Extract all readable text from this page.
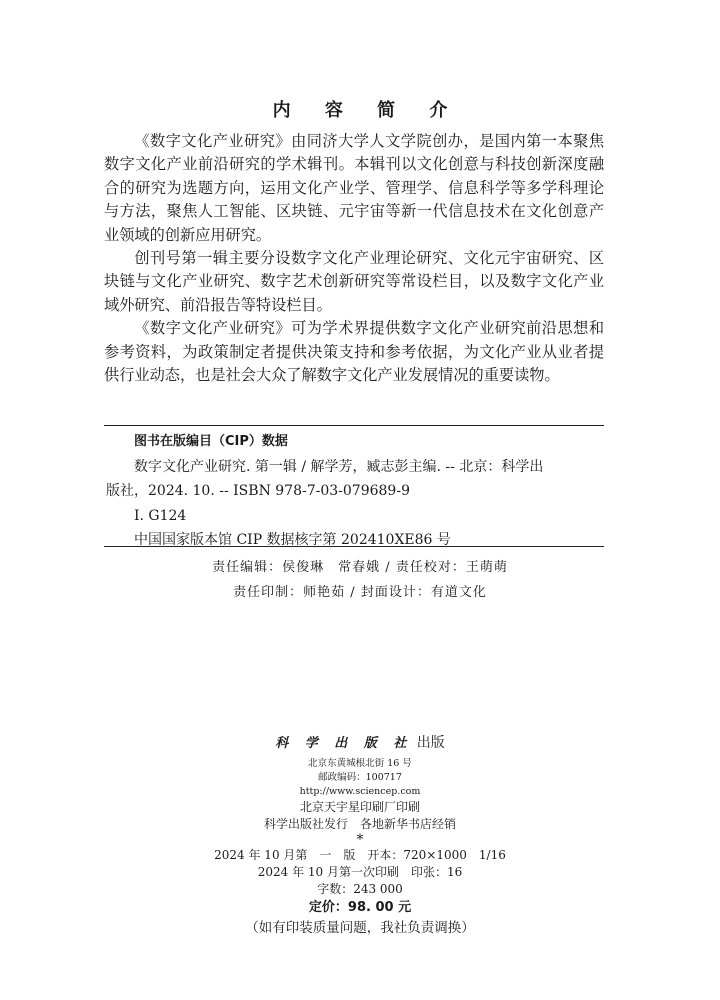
内 容 简 介

《数字文化产业研究》由同济大学人文学院创办，是国内第一本聚焦数字文化产业前沿研究的学术辑刊。本辑刊以文化创意与科技创新深度融合的研究为选题方向，运用文化产业学、管理学、信息科学等多学科理论与方法，聚焦人工智能、区块链、元宇宙等新一代信息技术在文化创意产业领域的创新应用研究。

创刊号第一辑主要分设数字文化产业理论研究、文化元宇宙研究、区块链与文化产业研究、数字艺术创新研究等常设栏目，以及数字文化产业域外研究、前沿报告等特设栏目。

《数字文化产业研究》可为学术界提供数字文化产业研究前沿思想和参考资料，为政策制定者提供决策支持和参考依据，为文化产业从业者提供行业动态，也是社会大众了解数字文化产业发展情况的重要读物。

图书在版编目（CIP）数据
数字文化产业研究. 第一辑 / 解学芳，臧志彭主编. -- 北京：科学出
版社，2024. 10. -- ISBN 978-7-03-079689-9
Ⅰ. G124
中国国家版本馆 CIP 数据核字第 202410XE86 号
责任编辑：侯俊琳　常春娥 / 责任校对：王萌萌
责任印制：师艳茹 / 封面设计：有道文化
科 学 出 版 社 出版
北京东黄城根北街 16 号
邮政编码：100717
http://www.sciencep.com
北京天宇星印刷厂印刷
科学出版社发行　各地新华书店经销
*
2024 年 10 月第　一　版　开本：720×1000　1/16
2024 年 10 月第一次印刷　印张：16
字数：243 000
定价：98. 00 元
（如有印装质量问题，我社负责调换）
